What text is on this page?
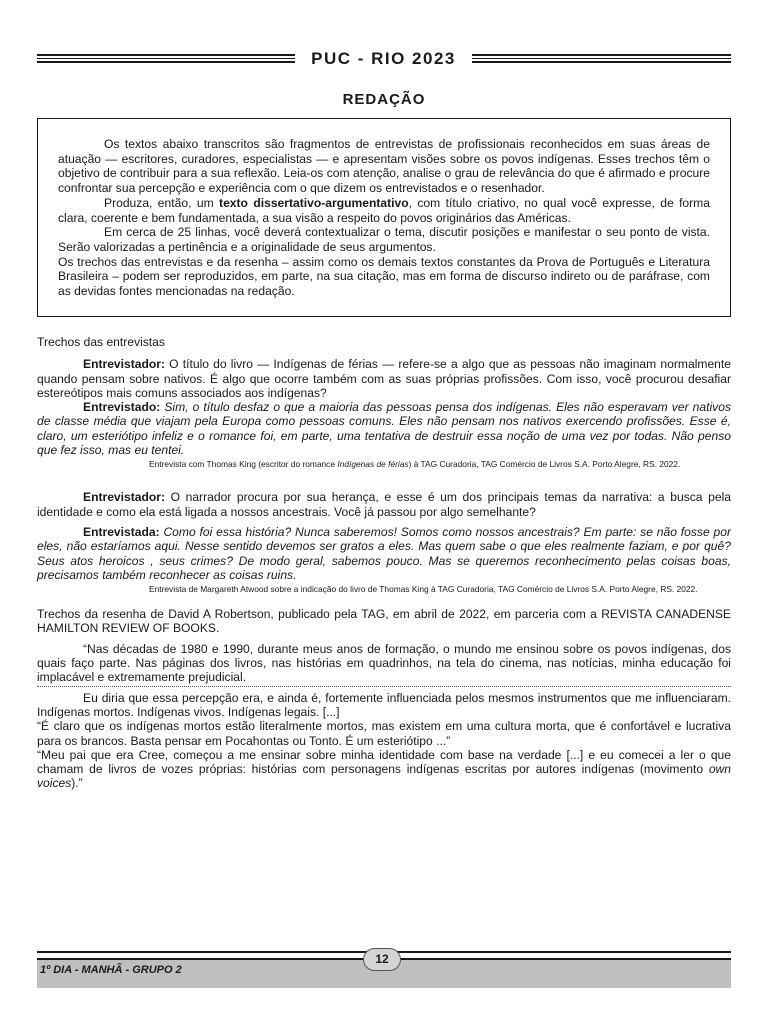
PUC - RIO 2023
REDAÇÃO

Os textos abaixo transcritos são fragmentos de entrevistas de profissionais reconhecidos em suas áreas de atuação — escritores, curadores, especialistas — e apresentam visões sobre os povos indígenas. Esses trechos têm o objetivo de contribuir para a sua reflexão. Leia-os com atenção, analise o grau de relevância do que é afirmado e procure confrontar sua percepção e experiência com o que dizem os entrevistados e o resenhador.

Produza, então, um texto dissertativo-argumentativo, com título criativo, no qual você expresse, de forma clara, coerente e bem fundamentada, a sua visão a respeito do povos originários das Américas.

Em cerca de 25 linhas, você deverá contextualizar o tema, discutir posições e manifestar o seu ponto de vista. Serão valorizadas a pertinência e a originalidade de seus argumentos.

Os trechos das entrevistas e da resenha – assim como os demais textos constantes da Prova de Português e Literatura Brasileira – podem ser reproduzidos, em parte, na sua citação, mas em forma de discurso indireto ou de paráfrase, com as devidas fontes mencionadas na redação.

Trechos das entrevistas

Entrevistador: O título do livro — Indígenas de férias — refere-se a algo que as pessoas não imaginam normalmente quando pensam sobre nativos. É algo que ocorre também com as suas próprias profissões. Com isso, você procurou desafiar estereótipos mais comuns associados aos indígenas?

Entrevistado: Sim, o título desfaz o que a maioria das pessoas pensa dos indígenas. Eles não esperavam ver nativos de classe média que viajam pela Europa como pessoas comuns. Eles não pensam nos nativos exercendo profissões. Esse é, claro, um esteriótipo infeliz e o romance foi, em parte, uma tentativa de destruir essa noção de uma vez por todas. Não penso que fez isso, mas eu tentei.

Entrevista com Thomas King (escritor do romance Indígenas de férias) à TAG Curadoria, TAG Comércio de Livros S.A. Porto Alegre, RS. 2022.

Entrevistador: O narrador procura por sua herança, e esse é um dos principais temas da narrativa: a busca pela identidade e como ela está ligada a nossos ancestrais. Você já passou por algo semelhante?

Entrevistada: Como foi essa história? Nunca saberemos! Somos como nossos ancestrais? Em parte: se não fosse por eles, não estaríamos aqui. Nesse sentido devemos ser gratos a eles. Mas quem sabe o que eles realmente faziam, e por quê? Seus atos heroicos , seus crimes? De modo geral, sabemos pouco. Mas se queremos reconhecimento pelas coisas boas, precisamos também reconhecer as coisas ruins.

Entrevista de Margareth Atwood sobre a indicação do livro de Thomas King à TAG Curadoria, TAG Comércio de Livros S.A. Porto Alegre, RS. 2022.

Trechos da resenha de David A Robertson, publicado pela TAG, em abril de 2022, em parceria com a REVISTA CANADENSE HAMILTON REVIEW OF BOOKS.

“Nas décadas de 1980 e 1990, durante meus anos de formação, o mundo me ensinou sobre os povos indígenas, dos quais faço parte. Nas páginas dos livros, nas histórias em quadrinhos, na tela do cinema, nas notícias, minha educação foi implacável e extremamente prejudicial.

Eu diria que essa percepção era, e ainda é, fortemente influenciada pelos mesmos instrumentos que me influenciaram. Indígenas mortos. Indígenas vivos. Indígenas legais. [...]

“É claro que os indígenas mortos estão literalmente mortos, mas existem em uma cultura morta, que é confortável e lucrativa para os brancos. Basta pensar em Pocahontas ou Tonto. É um esteriótipo ...”

“Meu pai que era Cree, começou a me ensinar sobre minha identidade com base na verdade [...] e eu comecei a ler o que chamam de livros de vozes próprias: histórias com personagens indígenas escritas por autores indígenas (movimento own voices).”

1º DIA - MANHÃ - GRUPO 2
12
